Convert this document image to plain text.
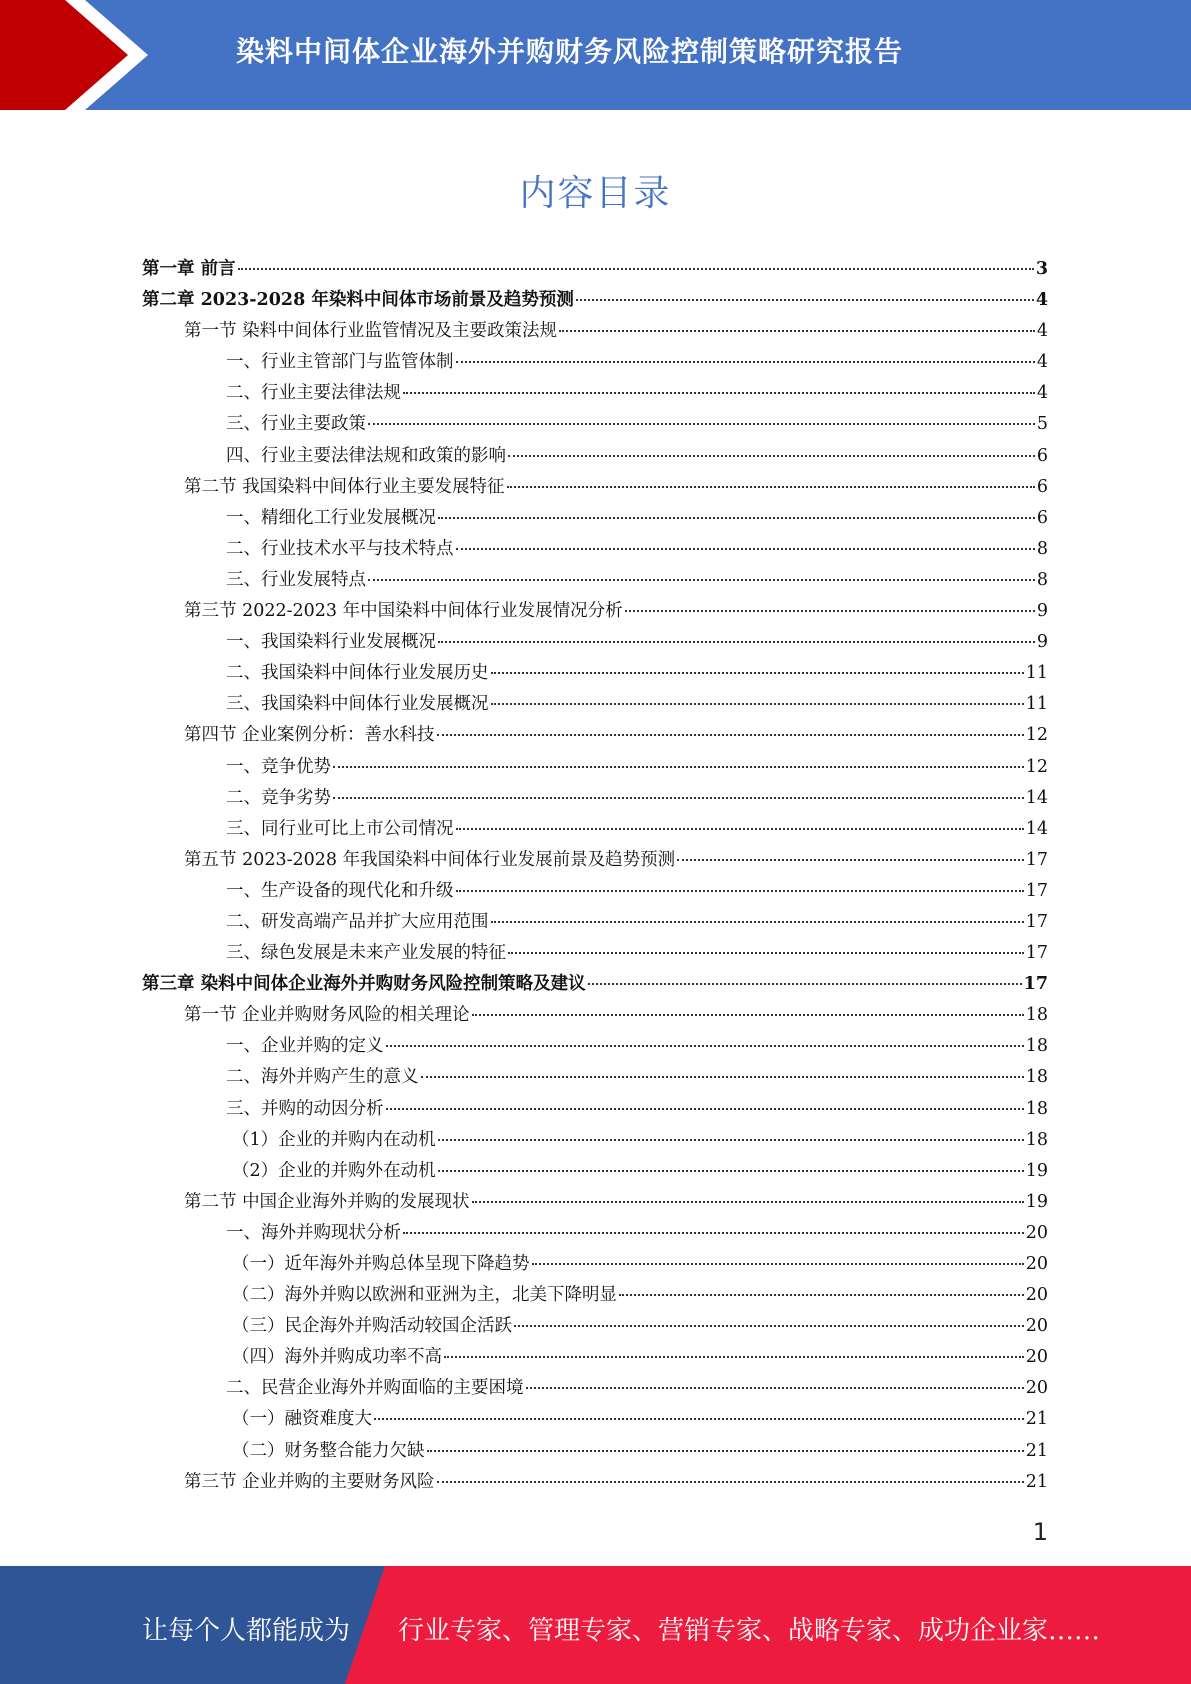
染料中间体企业海外并购财务风险控制策略研究报告
内容目录
第一章 前言	3
第二章 2023-2028 年染料中间体市场前景及趋势预测	4
第一节 染料中间体行业监管情况及主要政策法规	4
一、行业主管部门与监管体制	4
二、行业主要法律法规	4
三、行业主要政策	5
四、行业主要法律法规和政策的影响	6
第二节 我国染料中间体行业主要发展特征	6
一、精细化工行业发展概况	6
二、行业技术水平与技术特点	8
三、行业发展特点	8
第三节 2022-2023 年中国染料中间体行业发展情况分析	9
一、我国染料行业发展概况	9
二、我国染料中间体行业发展历史	11
三、我国染料中间体行业发展概况	11
第四节 企业案例分析：善水科技	12
一、竞争优势	12
二、竞争劣势	14
三、同行业可比上市公司情况	14
第五节 2023-2028 年我国染料中间体行业发展前景及趋势预测	17
一、生产设备的现代化和升级	17
二、研发高端产品并扩大应用范围	17
三、绿色发展是未来产业发展的特征	17
第三章 染料中间体企业海外并购财务风险控制策略及建议	17
第一节 企业并购财务风险的相关理论	18
一、企业并购的定义	18
二、海外并购产生的意义	18
三、并购的动因分析	18
（1）企业的并购内在动机	18
（2）企业的并购外在动机	19
第二节 中国企业海外并购的发展现状	19
一、海外并购现状分析	20
（一）近年海外并购总体呈现下降趋势	20
（二）海外并购以欧洲和亚洲为主，北美下降明显	20
（三）民企海外并购活动较国企活跃	20
（四）海外并购成功率不高	20
二、民营企业海外并购面临的主要困境	20
（一）融资难度大	21
（二）财务整合能力欠缺	21
第三节 企业并购的主要财务风险	21
1
让每个人都能成为 行业专家、管理专家、营销专家、战略专家、成功企业家……
